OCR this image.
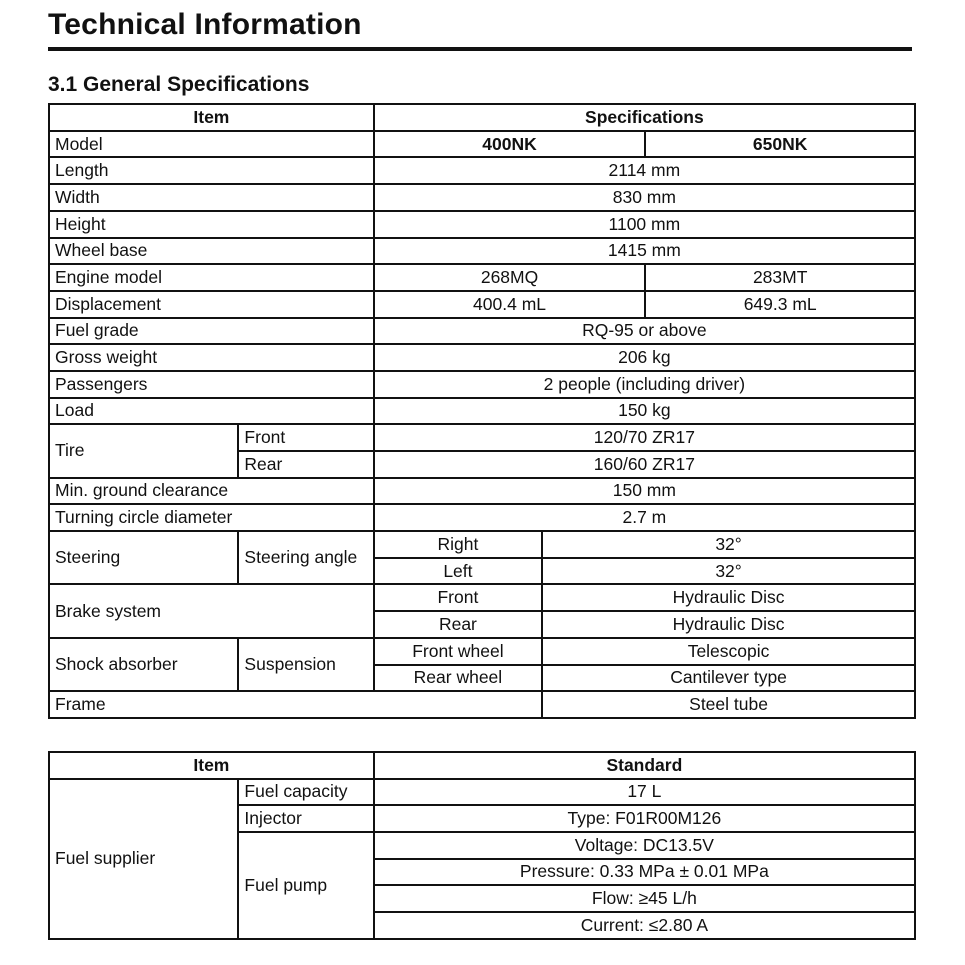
Technical Information
3.1 General Specifications
Item		Specifications		
Model		400NK		650NK
Length		2114 mm		
Width		830 mm		
Height		1100 mm		
Wheel base		1415 mm		
Engine model		268MQ		283MT
Displacement		400.4 mL		649.3 mL
Fuel grade		RQ-95 or above		
Gross weight		206 kg		
Passengers		2 people (including driver)		
Load		150 kg		
Tire	Front	120/70 ZR17		
	Rear	160/60 ZR17		
Min. ground clearance		150 mm		
Turning circle diameter		2.7 m		
Steering	Steering angle	Right	32°	
		Left	32°	
Brake system		Front	Hydraulic Disc	
		Rear	Hydraulic Disc	
Shock absorber	Suspension	Front wheel	Telescopic	
		Rear wheel	Cantilever type	
Frame			Steel tube	
Item		Standard
Fuel supplier	Fuel capacity	17 L
	Injector	Type: F01R00M126
	Fuel pump	Voltage: DC13.5V
		Pressure: 0.33 MPa ± 0.01 MPa
		Flow: ≥45 L/h
		Current: ≤2.80 A
